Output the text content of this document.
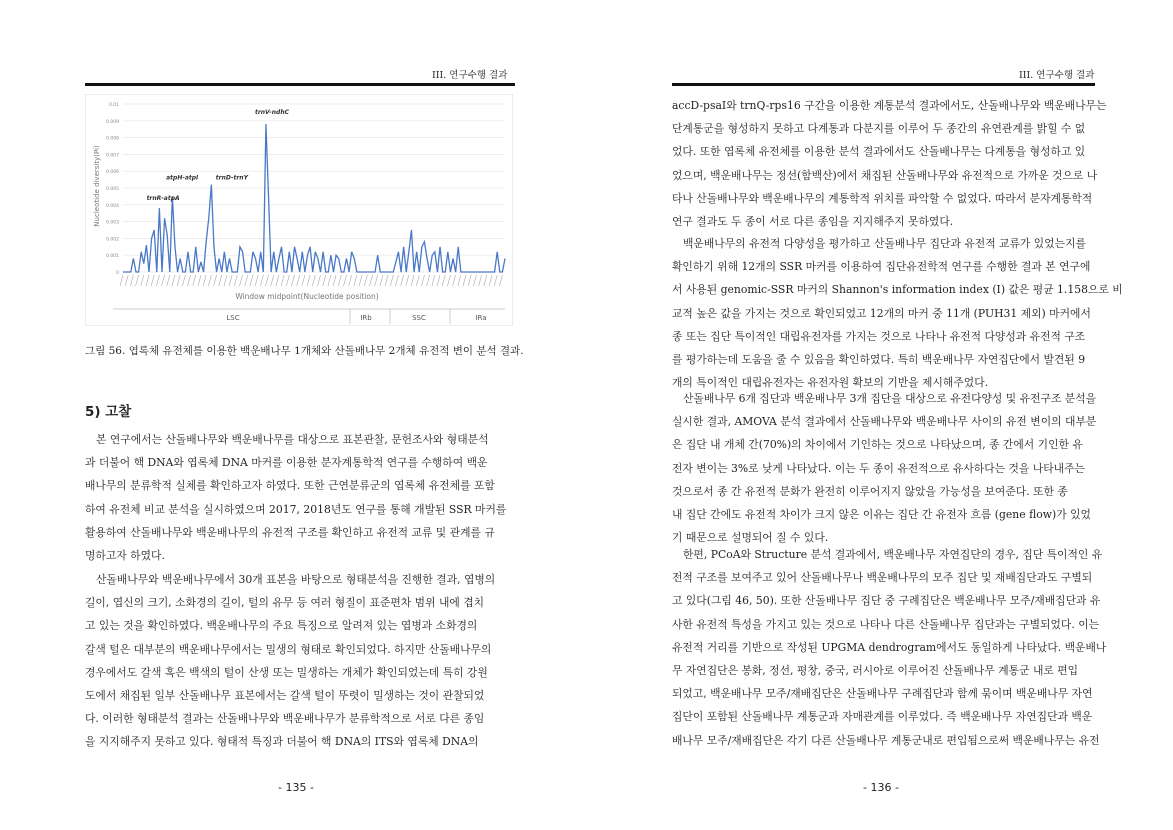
III. 연구수행 결과
0
0.001
0.002
0.003
0.004
0.005
0.006
0.007
0.008
0.009
0.01
trnV-ndhC
atpH-atpI	trnD-trnY
trnR-atpA
Nucleotide diversity(Pi)
Window midpoint(Nucleotide position)
LSC	IRb	SSC	IRa
그림 56. 엽록체 유전체를 이용한 백운배나무 1개체와 산돌배나무 2개체 유전적 변이 분석 결과.
5) 고찰
본 연구에서는 산돌배나무와 백운배나무를 대상으로 표본관찰, 문헌조사와 형태분석
과 더불어 핵 DNA와 엽록체 DNA 마커를 이용한 분자계통학적 연구를 수행하여 백운
배나무의 분류학적 실체를 확인하고자 하였다. 또한 근연분류군의 엽록체 유전체를 포함
하여 유전체 비교 분석을 실시하였으며 2017, 2018년도 연구를 통해 개발된 SSR 마커를
활용하여 산돌배나무와 백운배나무의 유전적 구조를 확인하고 유전적 교류 및 관계를 규
명하고자 하였다.
산돌배나무와 백운배나무에서 30개 표본을 바탕으로 형태분석을 진행한 결과, 엽병의
길이, 엽신의 크기, 소화경의 길이, 털의 유무 등 여러 형질이 표준편차 범위 내에 겹치
고 있는 것을 확인하였다. 백운배나무의 주요 특징으로 알려져 있는 엽병과 소화경의
갈색 털은 대부분의 백운배나무에서는 밀생의 형태로 확인되었다. 하지만 산돌배나무의
경우에서도 갈색 혹은 백색의 털이 산생 또는 밀생하는 개체가 확인되었는데 특히 강원
도에서 채집된 일부 산돌배나무 표본에서는 갈색 털이 뚜렷이 밀생하는 것이 관찰되었
다. 이러한 형태분석 결과는 산돌배나무와 백운배나무가 분류학적으로 서로 다른 종임
을 지지해주지 못하고 있다. 형태적 특징과 더불어 핵 DNA의 ITS와 엽록체 DNA의
- 135 -
III. 연구수행 결과
accD-psaI와 trnQ-rps16 구간을 이용한 계통분석 결과에서도, 산돌배나무와 백운배나무는
단계통군을 형성하지 못하고 다계통과 다분지를 이루어 두 종간의 유연관계를 밝힐 수 없
었다. 또한 엽록체 유전체를 이용한 분석 결과에서도 산돌배나무는 다계통을 형성하고 있
었으며, 백운배나무는 정선(함백산)에서 채집된 산돌배나무와 유전적으로 가까운 것으로 나
타나 산돌배나무와 백운배나무의 계통학적 위치를 파악할 수 없었다. 따라서 분자계통학적
연구 결과도 두 종이 서로 다른 종임을 지지해주지 못하였다.
백운배나무의 유전적 다양성을 평가하고 산돌배나무 집단과 유전적 교류가 있었는지를
확인하기 위해 12개의 SSR 마커를 이용하여 집단유전학적 연구를 수행한 결과 본 연구에
서 사용된 genomic-SSR 마커의 Shannon's information index (I) 값은 평균 1.158으로 비
교적 높은 값을 가지는 것으로 확인되었고 12개의 마커 중 11개 (PUH31 제외) 마커에서
종 또는 집단 특이적인 대립유전자를 가지는 것으로 나타나 유전적 다양성과 유전적 구조
를 평가하는데 도움을 줄 수 있음을 확인하였다. 특히 백운배나무 자연집단에서 발견된 9
개의 특이적인 대립유전자는 유전자원 확보의 기반을 제시해주었다.
산돌배나무 6개 집단과 백운배나무 3개 집단을 대상으로 유전다양성 및 유전구조 분석을
실시한 결과, AMOVA 분석 결과에서 산돌배나무와 백운배나무 사이의 유전 변이의 대부분
은 집단 내 개체 간(70%)의 차이에서 기인하는 것으로 나타났으며, 종 간에서 기인한 유
전자 변이는 3%로 낮게 나타났다. 이는 두 종이 유전적으로 유사하다는 것을 나타내주는
것으로서 종 간 유전적 분화가 완전히 이루어지지 않았을 가능성을 보여준다. 또한 종
내 집단 간에도 유전적 차이가 크지 않은 이유는 집단 간 유전자 흐름 (gene flow)가 있었
기 때문으로 설명되어 질 수 있다.
한편, PCoA와 Structure 분석 결과에서, 백운배나무 자연집단의 경우, 집단 특이적인 유
전적 구조를 보여주고 있어 산돌배나무나 백운배나무의 모주 집단 및 재배집단과도 구별되
고 있다(그림 46, 50). 또한 산돌배나무 집단 중 구례집단은 백운배나무 모주/재배집단과 유
사한 유전적 특성을 가지고 있는 것으로 나타나 다른 산돌배나무 집단과는 구별되었다. 이는
유전적 거리를 기반으로 작성된 UPGMA dendrogram에서도 동일하게 나타났다. 백운배나
무 자연집단은 봉화, 정선, 평창, 중국, 러시아로 이루어진 산돌배나무 계통군 내로 편입
되었고, 백운배나무 모주/재배집단은 산돌배나무 구례집단과 함께 묶이며 백운배나무 자연
집단이 포함된 산돌배나무 계통군과 자매관계를 이루었다. 즉 백운배나무 자연집단과 백운
배나무 모주/재배집단은 각기 다른 산돌배나무 계통군내로 편입됨으로써 백운배나무는 유전
- 136 -
